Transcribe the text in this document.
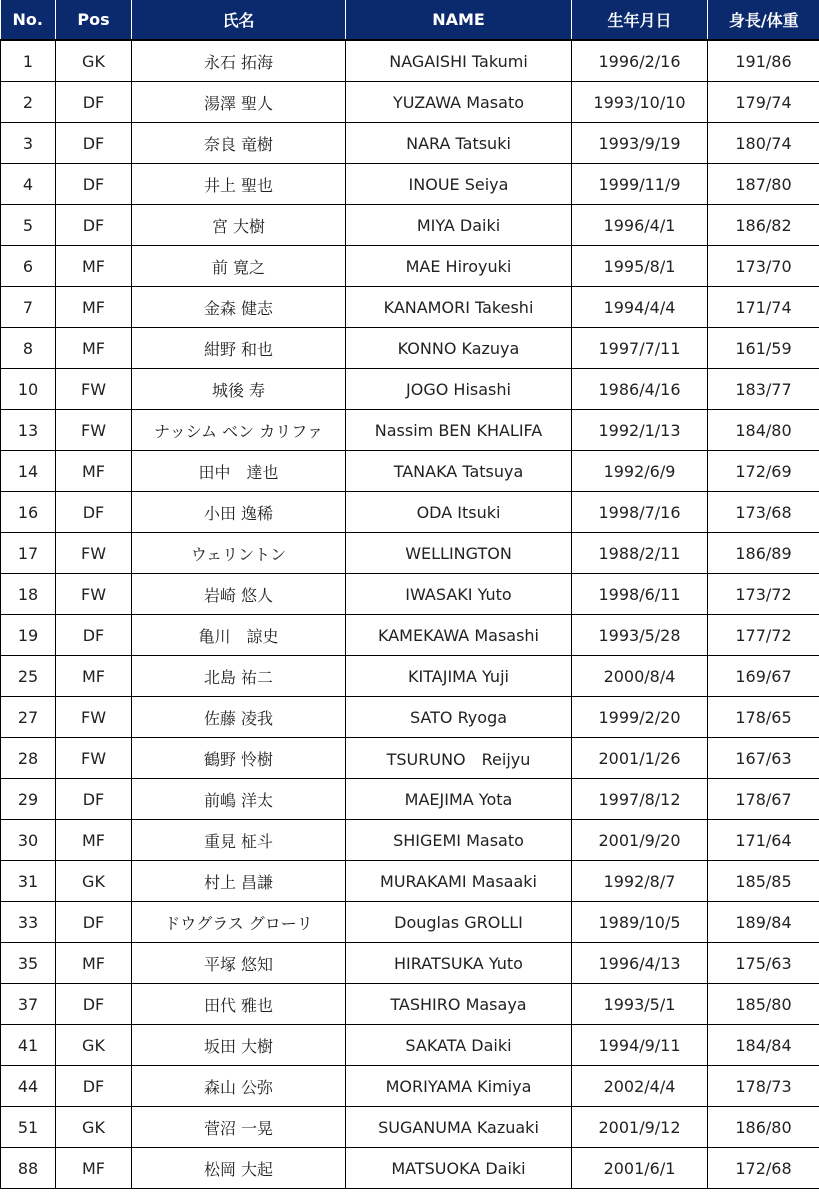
No.	Pos	氏名	NAME	生年月日	身長/体重
1	GK	永石 拓海	NAGAISHI Takumi	1996/2/16	191/86
2	DF	湯澤 聖人	YUZAWA Masato	1993/10/10	179/74
3	DF	奈良 竜樹	NARA Tatsuki	1993/9/19	180/74
4	DF	井上 聖也	INOUE Seiya	1999/11/9	187/80
5	DF	宮 大樹	MIYA Daiki	1996/4/1	186/82
6	MF	前 寛之	MAE Hiroyuki	1995/8/1	173/70
7	MF	金森 健志	KANAMORI Takeshi	1994/4/4	171/74
8	MF	紺野 和也	KONNO Kazuya	1997/7/11	161/59
10	FW	城後 寿	JOGO Hisashi	1986/4/16	183/77
13	FW	ナッシム ベン カリファ	Nassim BEN KHALIFA	1992/1/13	184/80
14	MF	田中　達也	TANAKA Tatsuya	1992/6/9	172/69
16	DF	小田 逸稀	ODA Itsuki	1998/7/16	173/68
17	FW	ウェリントン	WELLINGTON	1988/2/11	186/89
18	FW	岩崎 悠人	IWASAKI Yuto	1998/6/11	173/72
19	DF	亀川　諒史	KAMEKAWA Masashi	1993/5/28	177/72
25	MF	北島 祐二	KITAJIMA Yuji	2000/8/4	169/67
27	FW	佐藤 凌我	SATO Ryoga	1999/2/20	178/65
28	FW	鶴野 怜樹	TSURUNO　Reijyu	2001/1/26	167/63
29	DF	前嶋 洋太	MAEJIMA Yota	1997/8/12	178/67
30	MF	重見 柾斗	SHIGEMI Masato	2001/9/20	171/64
31	GK	村上 昌謙	MURAKAMI Masaaki	1992/8/7	185/85
33	DF	ドウグラス グローリ	Douglas GROLLI	1989/10/5	189/84
35	MF	平塚 悠知	HIRATSUKA Yuto	1996/4/13	175/63
37	DF	田代 雅也	TASHIRO Masaya	1993/5/1	185/80
41	GK	坂田 大樹	SAKATA Daiki	1994/9/11	184/84
44	DF	森山 公弥	MORIYAMA Kimiya	2002/4/4	178/73
51	GK	菅沼 一晃	SUGANUMA Kazuaki	2001/9/12	186/80
88	MF	松岡 大起	MATSUOKA Daiki	2001/6/1	172/68
